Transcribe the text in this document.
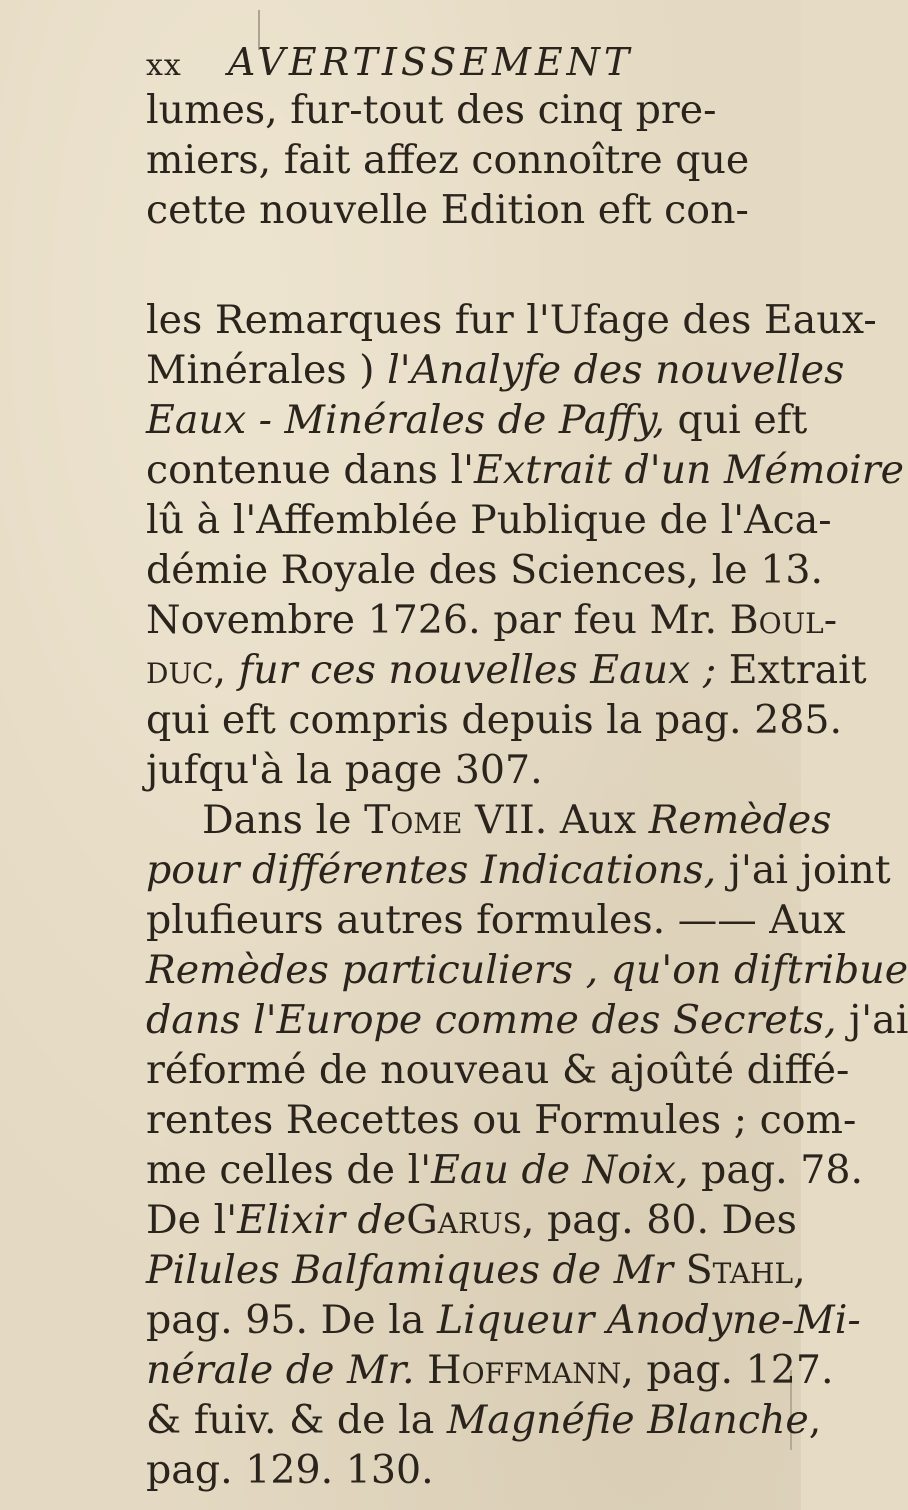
xx AVERTISSEMENT
lumes, fur-tout des cinq pre-
miers, fait affez connoître que
cette nouvelle Edition eft con-
les Remarques fur l'Ufage des Eaux-
Minérales ) l'Analyfe des nouvelles
Eaux - Minérales de Paffy, qui eft
contenue dans l'Extrait d'un Mémoire
lû à l'Affemblée Publique de l'Aca-
démie Royale des Sciences, le 13.
Novembre 1726. par feu Mr. Boul-
duc, fur ces nouvelles Eaux ; Extrait
qui eft compris depuis la pag. 285.
jufqu'à la page 307.
Dans le Tome VII. Aux Remèdes
pour différentes Indications, j'ai joint
plufieurs autres formules. —— Aux
Remèdes particuliers , qu'on diftribue
dans l'Europe comme des Secrets, j'ai
réformé de nouveau & ajoûté diffé-
rentes Recettes ou Formules ; com-
me celles de l'Eau de Noix, pag. 78.
De l'Elixir deGarus, pag. 80. Des
Pilules Balfamiques de Mr Stahl,
pag. 95. De la Liqueur Anodyne-Mi-
nérale de Mr. Hoffmann, pag. 127.
& fuiv. & de la Magnéfie Blanche,
pag. 129. 130.
